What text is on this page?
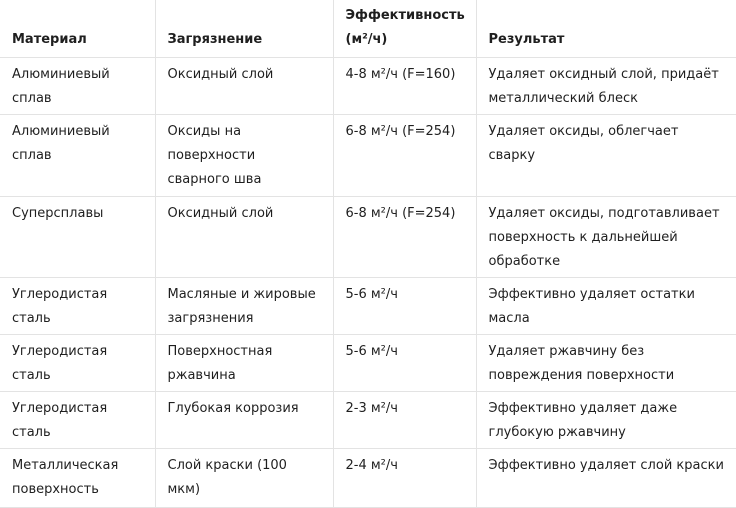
Материал	Загрязнение	Эффективность (м²/ч)	Результат
Алюминиевый сплав	Оксидный слой	4-8 м²/ч (F=160)	Удаляет оксидный слой, придаёт металлический блеск
Алюминиевый сплав	Оксиды на поверхности сварного шва	6-8 м²/ч (F=254)	Удаляет оксиды, облегчает сварку
Суперсплавы	Оксидный слой	6-8 м²/ч (F=254)	Удаляет оксиды, подготавливает поверхность к дальнейшей обработке
Углеродистая сталь	Масляные и жировые загрязнения	5-6 м²/ч	Эффективно удаляет остатки масла
Углеродистая сталь	Поверхностная ржавчина	5-6 м²/ч	Удаляет ржавчину без повреждения поверхности
Углеродистая сталь	Глубокая коррозия	2-3 м²/ч	Эффективно удаляет даже глубокую ржавчину
Металлическая поверхность	Слой краски (100 мкм)	2-4 м²/ч	Эффективно удаляет слой краски
